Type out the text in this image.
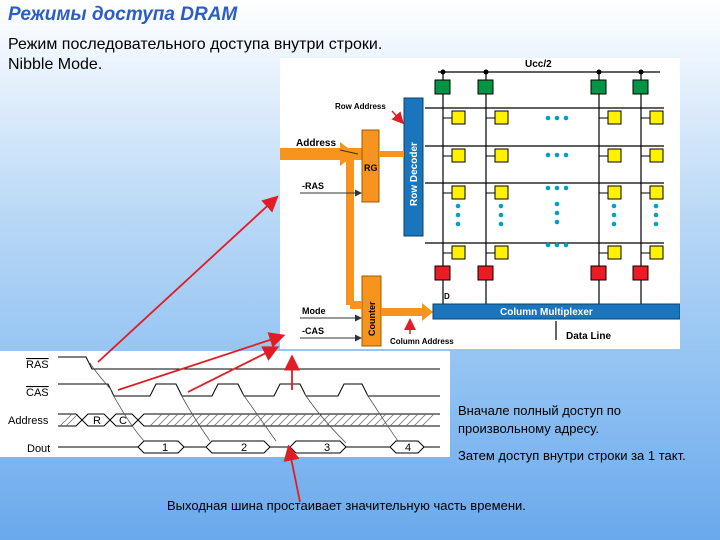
Режимы доступа DRAM
Режим последовательного доступа внутри строки.
Nibble Mode.	Ucc/2
D
Row Decoder
Row Address
Address
RG
-RAS
Counter
Mode
-CAS
Column Multiplexer
Column Address	Data Line
RAS
CAS
Address
Dout
R C
1	2	3	4
Вначале полный доступ по
произвольному адресу.
Затем доступ внутри строки за 1 такт.
Выходная шина простаивает значительную часть времени.
